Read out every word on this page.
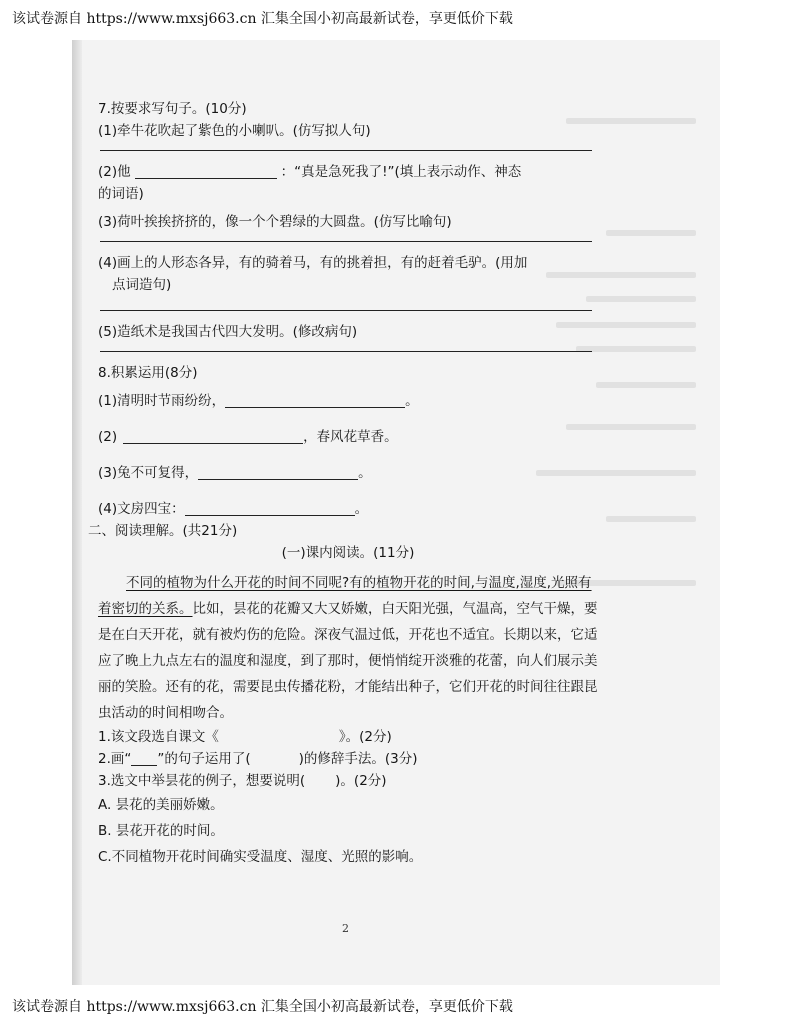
该试卷源自 https://www.mxsj663.cn 汇集全国小初高最新试卷，享更低价下载

7.按要求写句子。(10分)

(1)牵牛花吹起了紫色的小喇叭。(仿写拟人句)

(2)他	：“真是急死我了!”(填上表示动作、神态

的词语)

(3)荷叶挨挨挤挤的，像一个个碧绿的大圆盘。(仿写比喻句)

(4)画上的人形态各异，有的骑着马，有的挑着担，有的赶着毛驴。(用加

点词造句)

(5)造纸术是我国古代四大发明。(修改病句)

8.积累运用(8分)

(1)清明时节雨纷纷，	。

(2)	，春风花草香。

(3)兔不可复得，	。

(4)文房四宝：	。

二、阅读理解。(共21分)

(一)课内阅读。(11分)

不同的植物为什么开花的时间不同呢?有的植物开花的时间,与温度,湿度,光照有着密切的关系。比如，昙花的花瓣又大又娇嫩，白天阳光强，气温高，空气干燥，要是在白天开花，就有被灼伤的危险。深夜气温过低，开花也不适宜。长期以来，它适应了晚上九点左右的温度和湿度，到了那时，便悄悄绽开淡雅的花蕾，向人们展示美丽的笑脸。还有的花，需要昆虫传播花粉，才能结出种子，它们开花的时间往往跟昆虫活动的时间相吻合。

1.该文段选自课文《	》。(2分)

2.画“ ”的句子运用了(	)的修辞手法。(3分)

3.选文中举昙花的例子，想要说明( )。(2分)

A. 昙花的美丽娇嫩。

B. 昙花开花的时间。

C.不同植物开花时间确实受温度、湿度、光照的影响。

2
该试卷源自 https://www.mxsj663.cn 汇集全国小初高最新试卷，享更低价下载
